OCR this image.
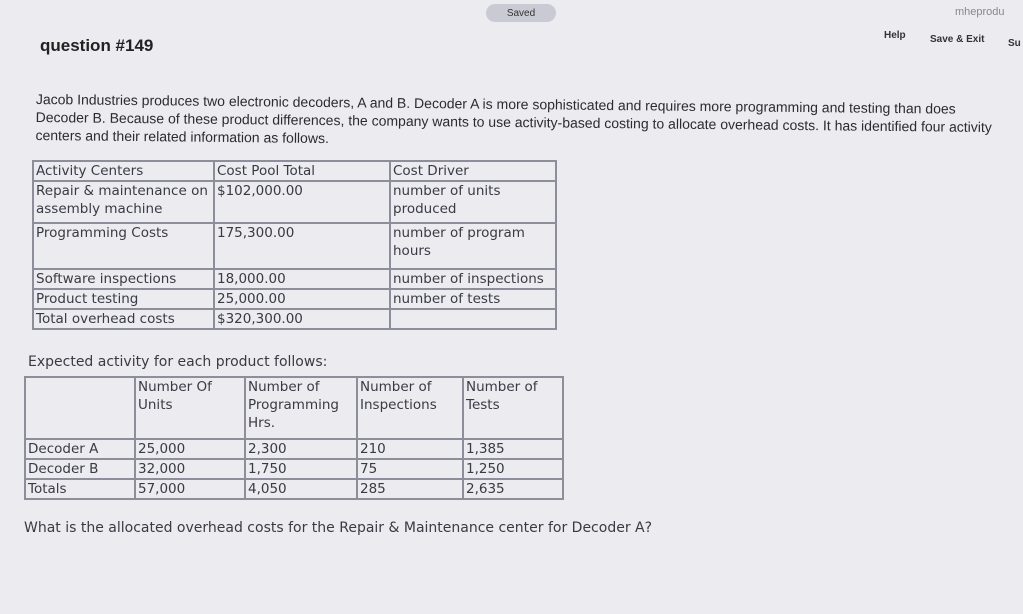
Saved	mheprodu
Help Save & Exit Su
question #149
Jacob Industries produces two electronic decoders, A and B. Decoder A is more sophisticated and requires more programming and testing than does Decoder B. Because of these product differences, the company wants to use activity-based costing to allocate overhead costs. It has identified four activity centers and their related information as follows.
Activity Centers	Cost Pool Total	Cost Driver
Repair & maintenance on assembly machine	$102,000.00	number of units produced
Programming Costs	175,300.00	number of program hours
Software inspections	18,000.00	number of inspections
Product testing	25,000.00	number of tests
Total overhead costs	$320,300.00	
Expected activity for each product follows:
	Number Of Units	Number of Programming Hrs.	Number of Inspections	Number of Tests
Decoder A	25,000	2,300	210	1,385
Decoder B	32,000	1,750	75	1,250
Totals	57,000	4,050	285	2,635
What is the allocated overhead costs for the Repair & Maintenance center for Decoder A?
